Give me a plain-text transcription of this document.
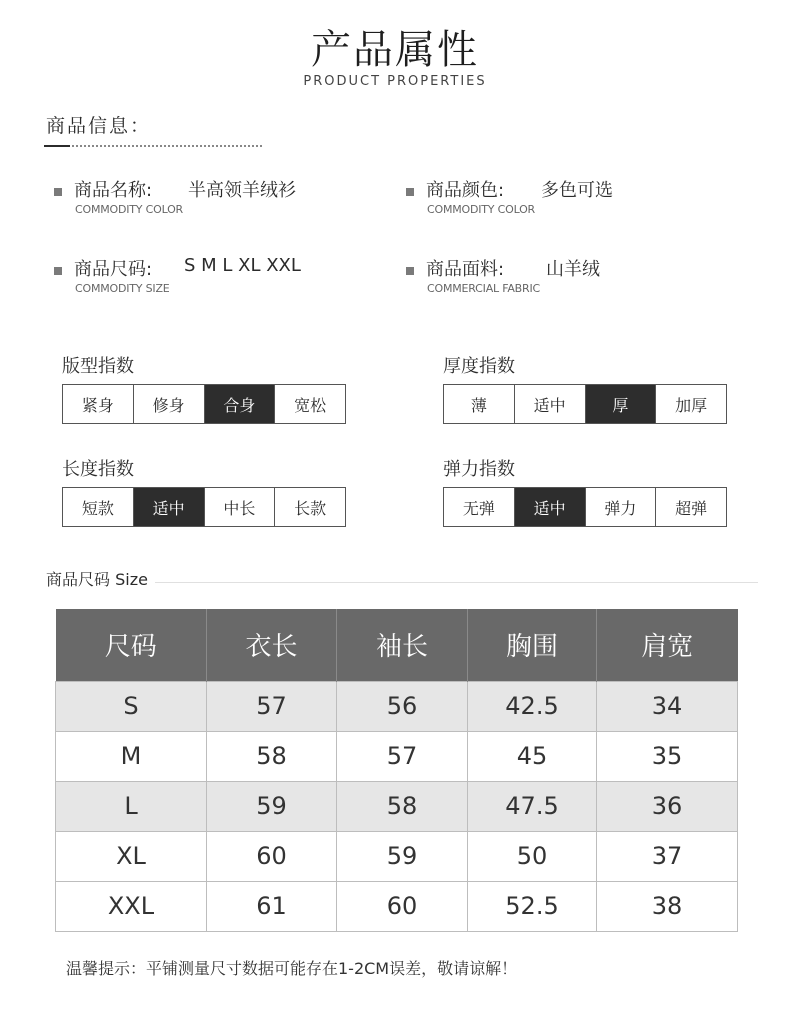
产品属性
PRODUCT PROPERTIES
商品信息：
商品名称: 半高领羊绒衫
COMMODITY COLOR
商品颜色: 多色可选
COMMODITY COLOR
商品尺码: S M L XL XXL
COMMODITY SIZE
商品面料: 山羊绒
COMMERCIAL FABRIC
版型指数
紧身	修身	合身	宽松
厚度指数
薄	适中	厚	加厚
长度指数
短款	适中	中长	长款
弹力指数
无弹	适中	弹力	超弹
商品尺码 Size
尺码	衣长	袖长	胸围	肩宽
S	57	56	42.5	34
M	58	57	45	35
L	59	58	47.5	36
XL	60	59	50	37
XXL	61	60	52.5	38
温馨提示：平铺测量尺寸数据可能存在1-2CM误差，敬请谅解！
